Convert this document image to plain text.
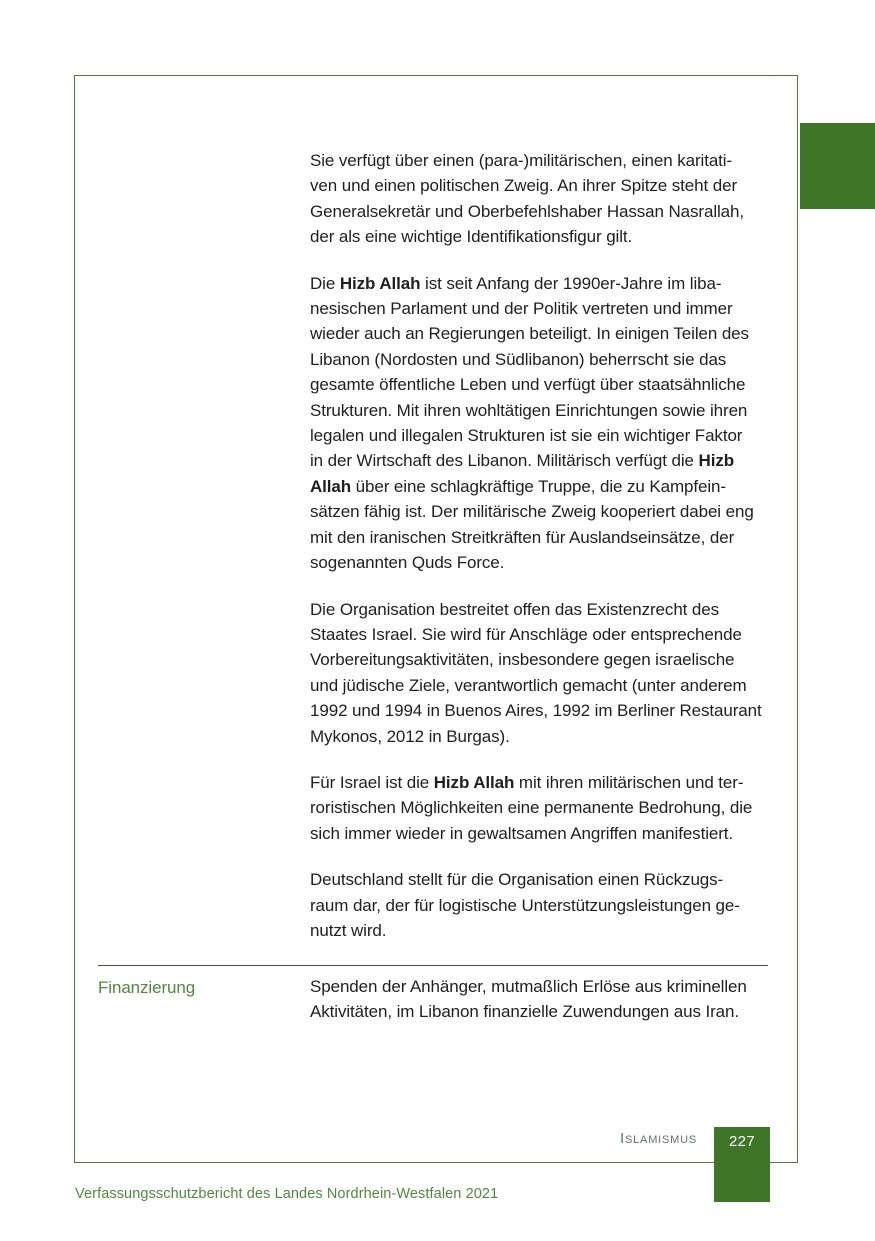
Sie verfügt über einen (para-)militärischen, einen karitati-
ven und einen politischen Zweig. An ihrer Spitze steht der
Generalsekretär und Oberbefehlshaber Hassan Nasrallah,
der als eine wichtige Identifikationsfigur gilt.
Die Hizb Allah ist seit Anfang der 1990er-Jahre im liba-
nesischen Parlament und der Politik vertreten und immer
wieder auch an Regierungen beteiligt. In einigen Teilen des
Libanon (Nordosten und Südlibanon) beherrscht sie das
gesamte öffentliche Leben und verfügt über staatsähnliche
Strukturen. Mit ihren wohltätigen Einrichtungen sowie ihren
legalen und illegalen Strukturen ist sie ein wichtiger Faktor
in der Wirtschaft des Libanon. Militärisch verfügt die Hizb
Allah über eine schlagkräftige Truppe, die zu Kampfein-
sätzen fähig ist. Der militärische Zweig kooperiert dabei eng
mit den iranischen Streitkräften für Auslandseinsätze, der
sogenannten Quds Force.
Die Organisation bestreitet offen das Existenzrecht des
Staates Israel. Sie wird für Anschläge oder entsprechende
Vorbereitungsaktivitäten, insbesondere gegen israelische
und jüdische Ziele, verantwortlich gemacht (unter anderem
1992 und 1994 in Buenos Aires, 1992 im Berliner Restaurant
Mykonos, 2012 in Burgas).
Für Israel ist die Hizb Allah mit ihren militärischen und ter-
roristischen Möglichkeiten eine permanente Bedrohung, die
sich immer wieder in gewaltsamen Angriffen manifestiert.
Deutschland stellt für die Organisation einen Rückzugs-
raum dar, der für logistische Unterstützungsleistungen ge-
nutzt wird.
Finanzierung	Spenden der Anhänger, mutmaßlich Erlöse aus kriminellen
Aktivitäten, im Libanon finanzielle Zuwendungen aus Iran.
Islamismus	227
Verfassungsschutzbericht des Landes Nordrhein-Westfalen 2021
